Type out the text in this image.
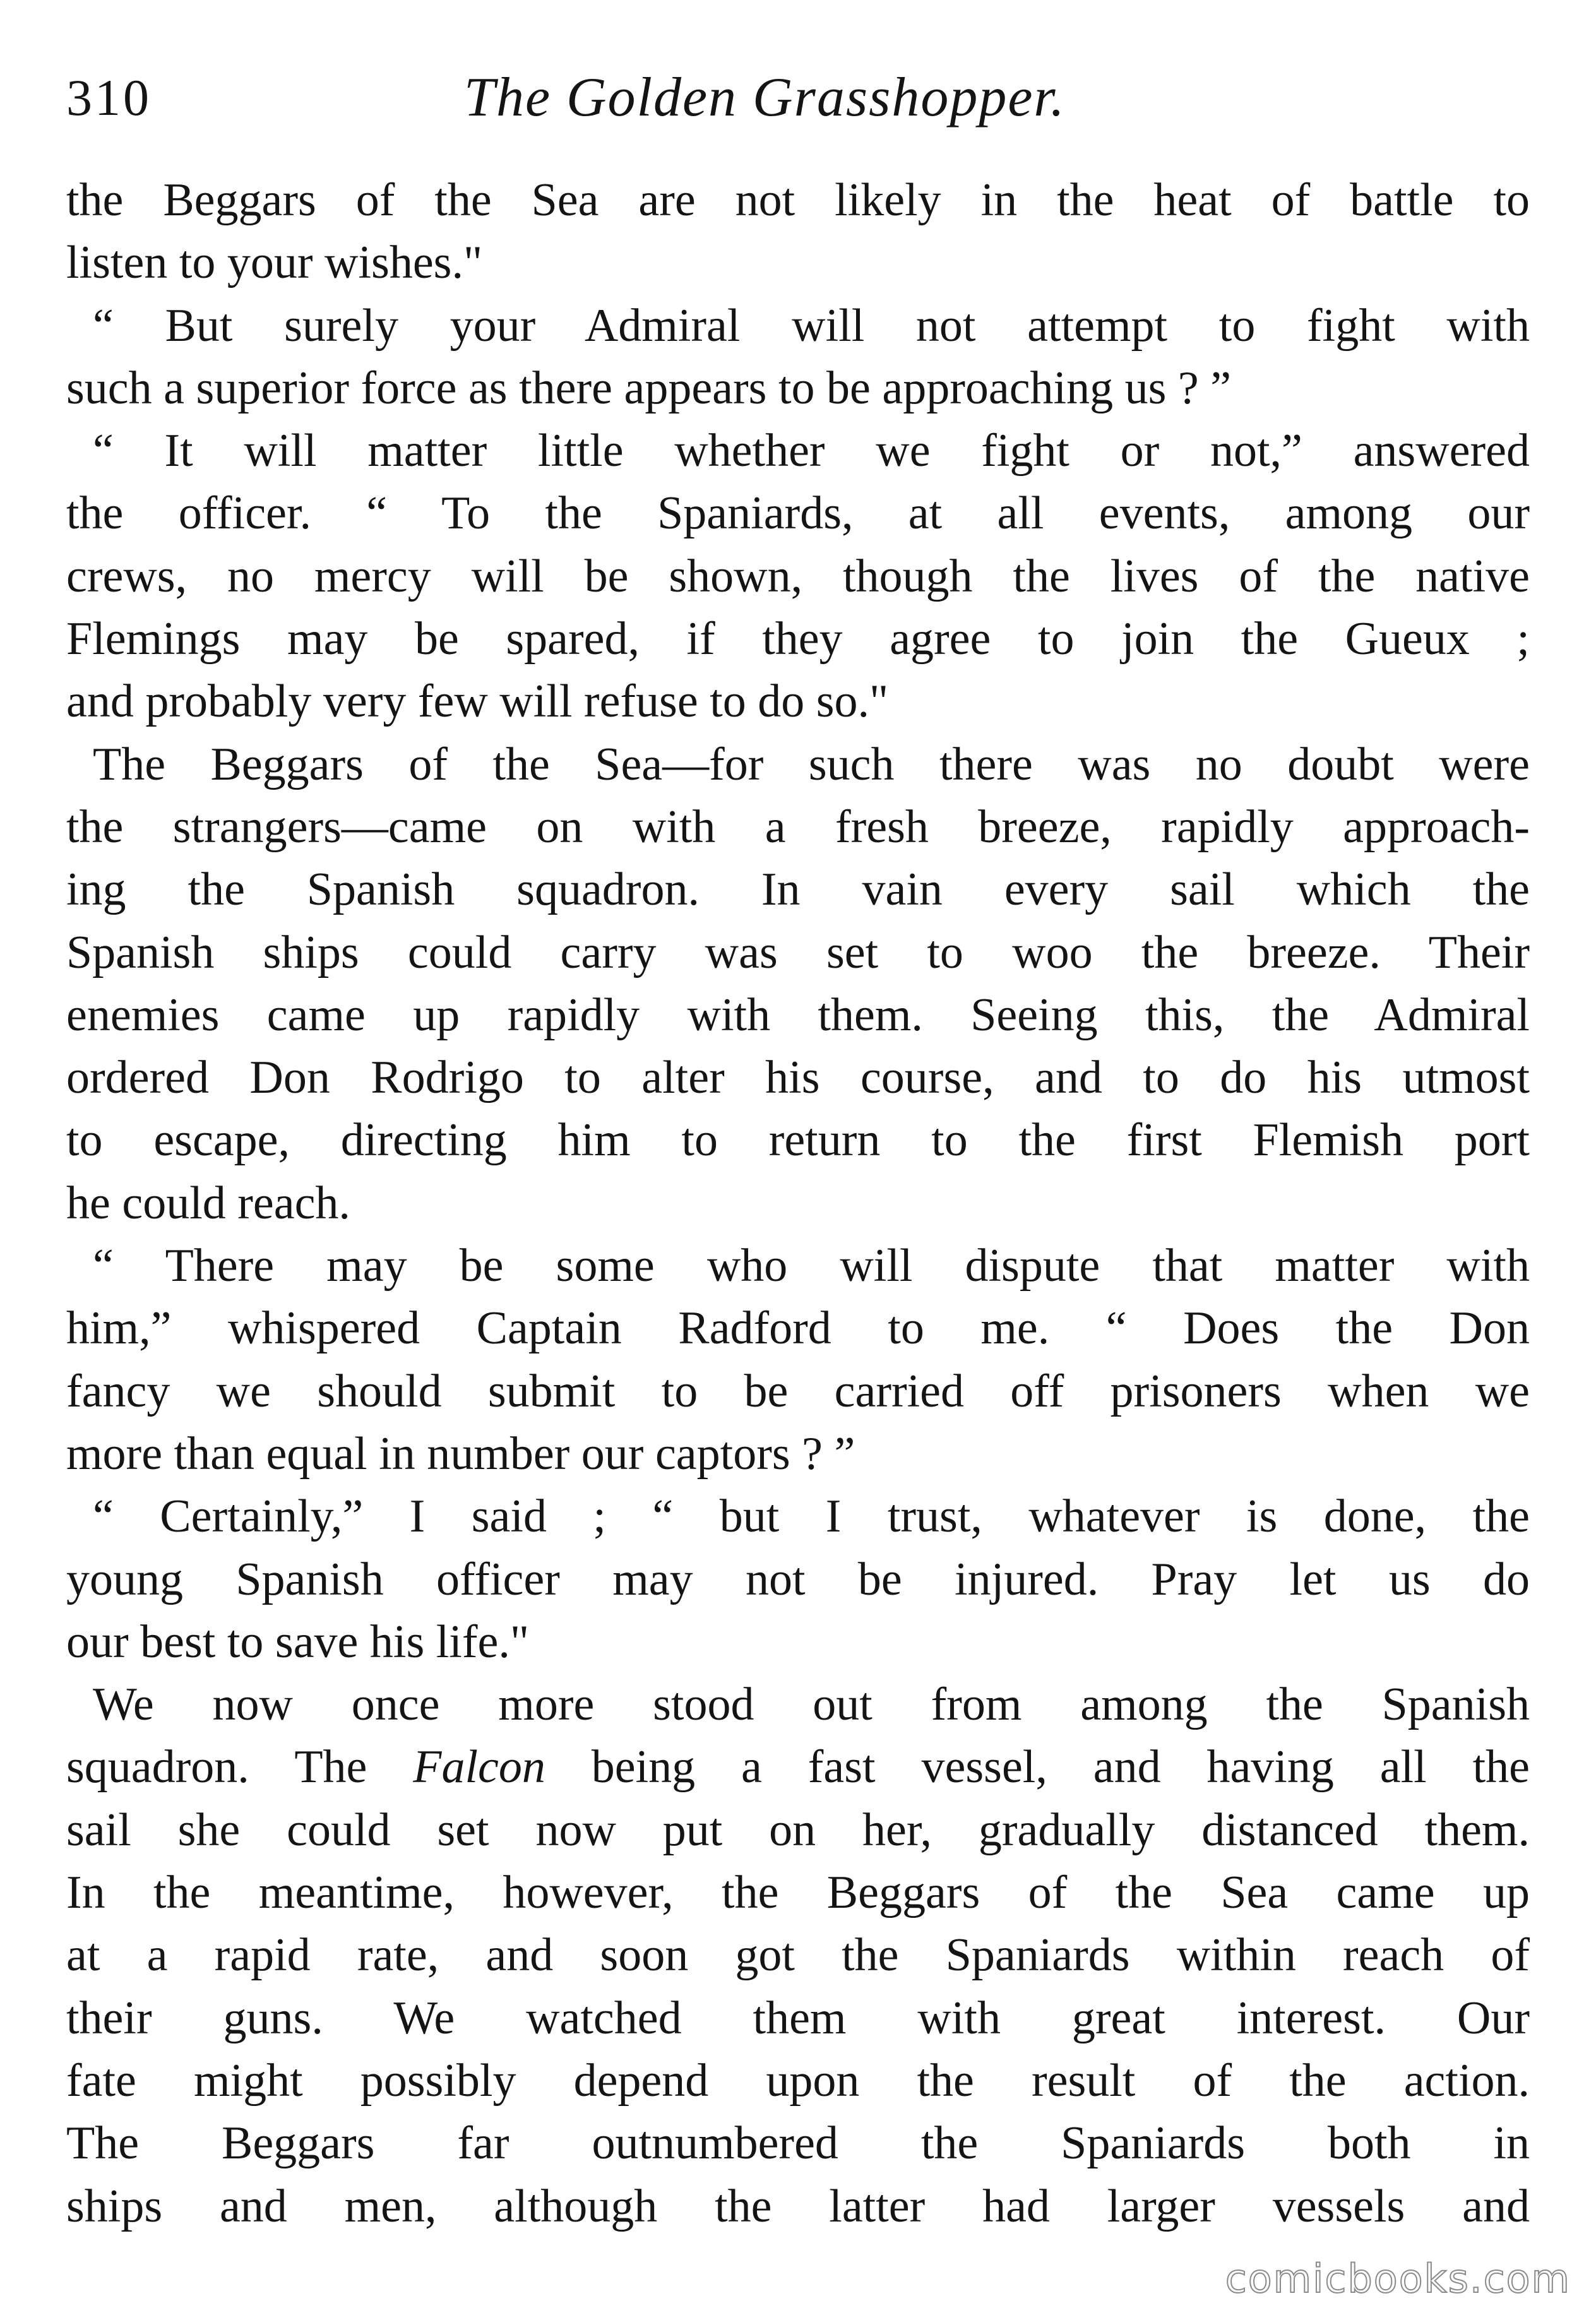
310	The Golden Grasshopper.
the Beggars of the Sea are not likely in the heat of battle to
listen to your wishes."
“ But surely your Admiral will not attempt to fight with
such a superior force as there appears to be approaching us ? ”
“ It will matter little whether we fight or not,” answered
the officer. “ To the Spaniards, at all events, among our
crews, no mercy will be shown, though the lives of the native
Flemings may be spared, if they agree to join the Gueux ;
and probably very few will refuse to do so."
The Beggars of the Sea—for such there was no doubt were
the strangers—came on with a fresh breeze, rapidly approach-
ing the Spanish squadron. In vain every sail which the
Spanish ships could carry was set to woo the breeze. Their
enemies came up rapidly with them. Seeing this, the Admiral
ordered Don Rodrigo to alter his course, and to do his utmost
to escape, directing him to return to the first Flemish port
he could reach.
“ There may be some who will dispute that matter with
him,” whispered Captain Radford to me. “ Does the Don
fancy we should submit to be carried off prisoners when we
more than equal in number our captors ? ”
“ Certainly,” I said ; “ but I trust, whatever is done, the
young Spanish officer may not be injured. Pray let us do
our best to save his life."
We now once more stood out from among the Spanish
squadron. The Falcon being a fast vessel, and having all the
sail she could set now put on her, gradually distanced them.
In the meantime, however, the Beggars of the Sea came up
at a rapid rate, and soon got the Spaniards within reach of
their guns. We watched them with great interest. Our
fate might possibly depend upon the result of the action.
The Beggars far outnumbered the Spaniards both in
ships and men, although the latter had larger vessels and
comicbooks.com
